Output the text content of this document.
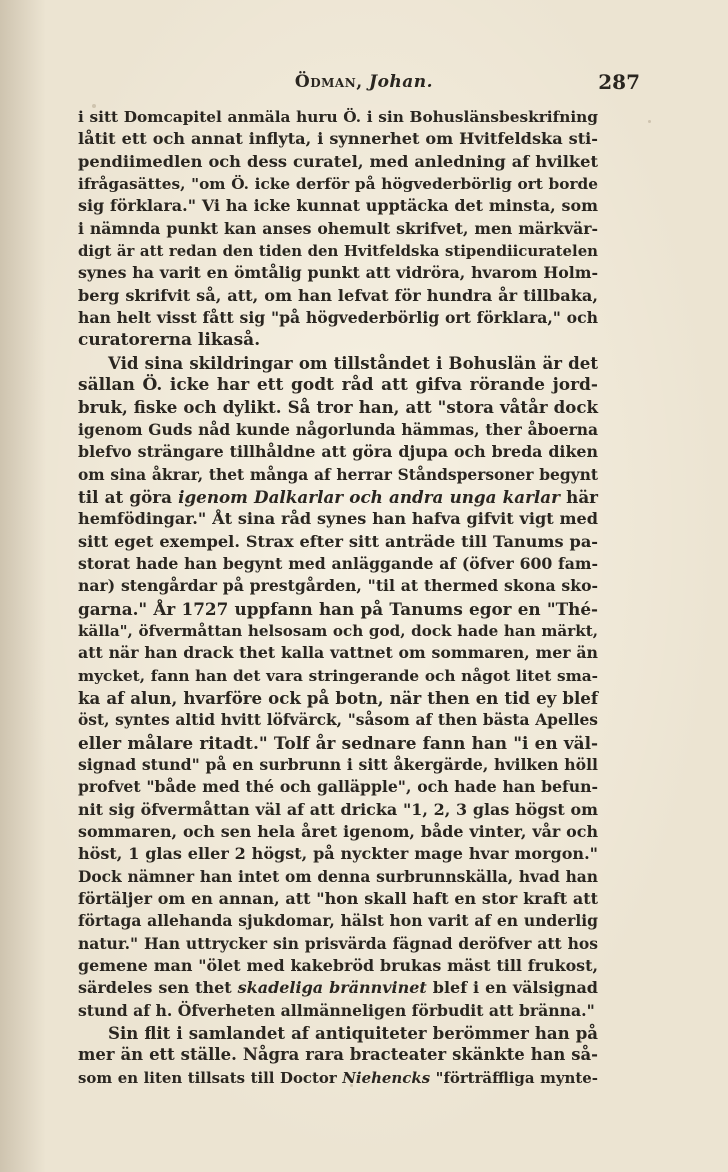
Ödman, Johan.	287
i sitt Domcapitel anmäla huru Ö. i sin Bohuslänsbeskrifning
låtit ett och annat inflyta, i synnerhet om Hvitfeldska sti-
pendiimedlen och dess curatel, med anledning af hvilket
ifrågasättes, "om Ö. icke derför på högvederbörlig ort borde
sig förklara." Vi ha icke kunnat upptäcka det minsta, som
i nämnda punkt kan anses ohemult skrifvet, men märkvär-
digt är att redan den tiden den Hvitfeldska stipendiicuratelen
synes ha varit en ömtålig punkt att vidröra, hvarom Holm-
berg skrifvit så, att, om han lefvat för hundra år tillbaka,
han helt visst fått sig "på högvederbörlig ort förklara," och
curatorerna likaså.
Vid sina skildringar om tillståndet i Bohuslän är det
sällan Ö. icke har ett godt råd att gifva rörande jord-
bruk, fiske och dylikt. Så tror han, att "stora våtår dock
igenom Guds nåd kunde någorlunda hämmas, ther åboerna
blefvo strängare tillhåldne att göra djupa och breda diken
om sina åkrar, thet många af herrar Ståndspersoner begynt
til at göra igenom Dalkarlar och andra unga karlar här
hemfödingar." Åt sina råd synes han hafva gifvit vigt med
sitt eget exempel. Strax efter sitt anträde till Tanums pa-
storat hade han begynt med anläggande af (öfver 600 fam-
nar) stengårdar på prestgården, "til at thermed skona sko-
garna." År 1727 uppfann han på Tanums egor en "Thé-
källa", öfvermåttan helsosam och god, dock hade han märkt,
att när han drack thet kalla vattnet om sommaren, mer än
mycket, fann han det vara stringerande och något litet sma-
ka af alun, hvarföre ock på botn, när then en tid ey blef
öst, syntes altid hvitt löfvärck, "såsom af then bästa Apelles
eller målare ritadt." Tolf år sednare fann han "i en väl-
signad stund" på en surbrunn i sitt åkergärde, hvilken höll
profvet "både med thé och galläpple", och hade han befun-
nit sig öfvermåttan väl af att dricka "1, 2, 3 glas högst om
sommaren, och sen hela året igenom, både vinter, vår och
höst, 1 glas eller 2 högst, på nyckter mage hvar morgon."
Dock nämner han intet om denna surbrunnskälla, hvad han
förtäljer om en annan, att "hon skall haft en stor kraft att
förtaga allehanda sjukdomar, hälst hon varit af en underlig
natur." Han uttrycker sin prisvärda fägnad deröfver att hos
gemene man "ölet med kakebröd brukas mäst till frukost,
särdeles sen thet skadeliga brännvinet blef i en välsignad
stund af h. Öfverheten allmänneligen förbudit att bränna."
Sin flit i samlandet af antiquiteter berömmer han på
mer än ett ställe. Några rara bracteater skänkte han så-
som en liten tillsats till Doctor Niehencks "förträffliga mynte-
